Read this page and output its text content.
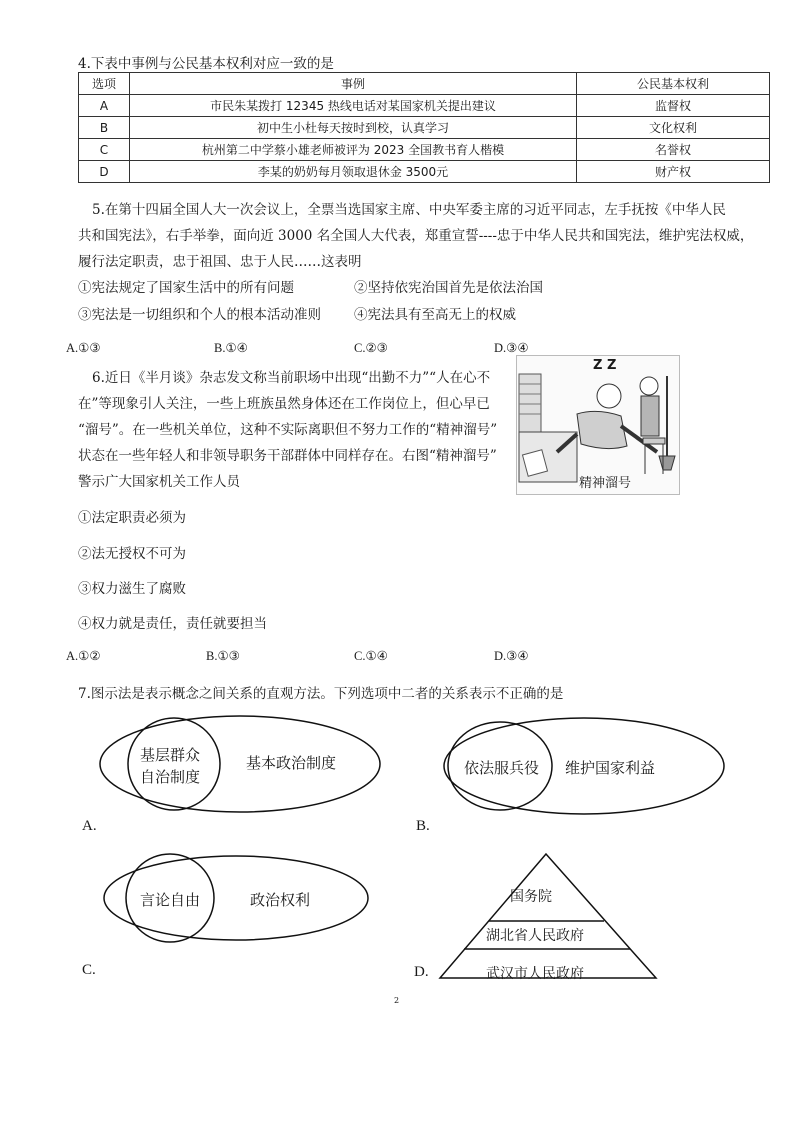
4.下表中事例与公民基本权利对应一致的是
选项	事例	公民基本权利
A	市民朱某拨打 12345 热线电话对某国家机关提出建议	监督权
B	初中生小杜每天按时到校，认真学习	文化权利
C	杭州第二中学蔡小雄老师被评为 2023 全国教书育人楷模	名誉权
D	李某的奶奶每月领取退休金 3500元	财产权
5.在第十四届全国人大一次会议上，全票当选国家主席、中央军委主席的习近平同志，左手抚按《中华人民
共和国宪法》，右手举拳，面向近 3000 名全国人大代表，郑重宣誓----忠于中华人民共和国宪法，维护宪法权威，
履行法定职责，忠于祖国、忠于人民……这表明
①宪法规定了国家生活中的所有问题	②坚持依宪治国首先是依法治国
③宪法是一切组织和个人的根本活动准则 ④宪法具有至高无上的权威
A.①③	B.①④	C.②③	D.③④
6.近日《半月谈》杂志发文称当前职场中出现“出勤不力”“人在心不
在”等现象引人关注，一些上班族虽然身体还在工作岗位上，但心早已
“溜号”。在一些机关单位，这种不实际离职但不努力工作的“精神溜号”
状态在一些年轻人和非领导职务干部群体中同样存在。右图“精神溜号”
警示广大国家机关工作人员
Z Z
精神溜号
①法定职责必须为
②法无授权不可为
③权力滋生了腐败
④权力就是责任，责任就要担当
A.①②	B.①③	C.①④	D.③④
7.图示法是表示概念之间关系的直观方法。下列选项中二者的关系表示不正确的是
基层群众
自治制度
基本政治制度
A.
依法服兵役 维护国家利益
B.
言论自由	政治权利
C.
国务院
湖北省人民政府
武汉市人民政府
D.
2
